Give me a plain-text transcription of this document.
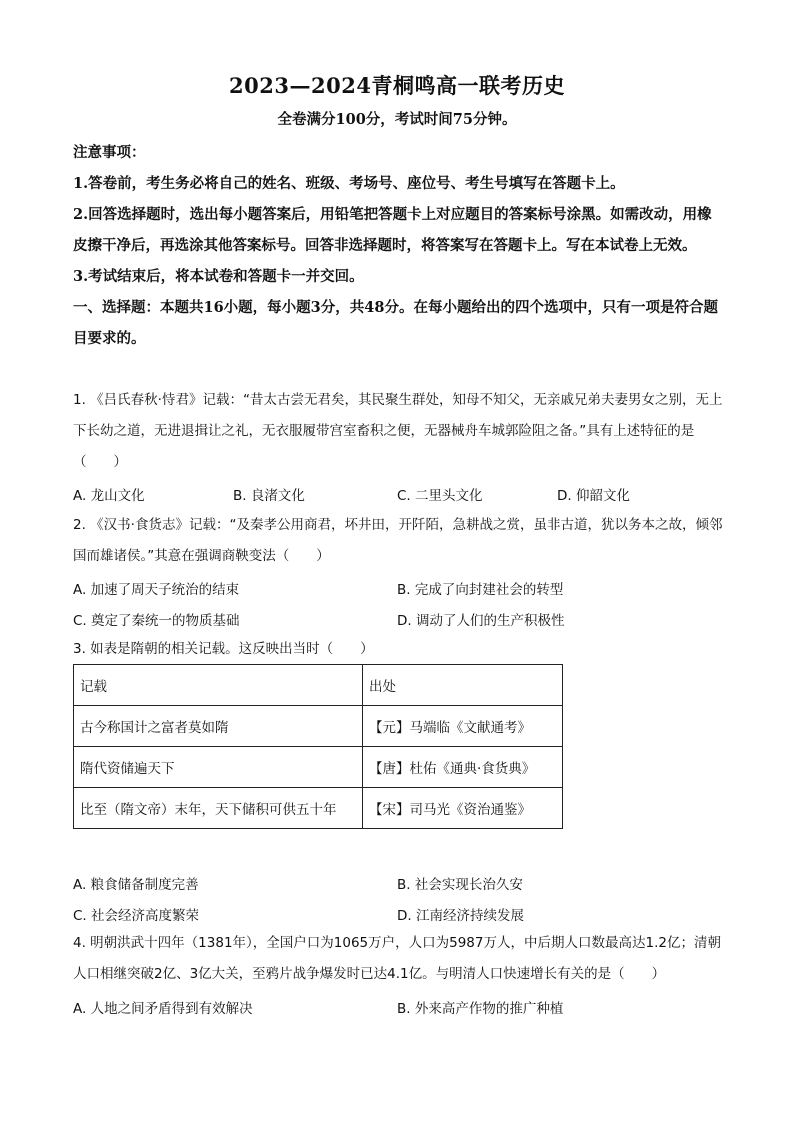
2023—2024青桐鸣高一联考历史
全卷满分100分，考试时间75分钟。

注意事项：

1.答卷前，考生务必将自己的姓名、班级、考场号、座位号、考生号填写在答题卡上。

2.回答选择题时，选出每小题答案后，用铅笔把答题卡上对应题目的答案标号涂黑。如需改动，用橡皮擦干净后，再选涂其他答案标号。回答非选择题时，将答案写在答题卡上。写在本试卷上无效。

3.考试结束后，将本试卷和答题卡一并交回。

一、选择题：本题共16小题，每小题3分，共48分。在每小题给出的四个选项中，只有一项是符合题目要求的。

1. 《吕氏春秋·恃君》记载：“昔太古尝无君矣，其民聚生群处，知母不知父，无亲戚兄弟夫妻男女之别，无上下长幼之道，无进退揖让之礼，无衣服履带宫室畜积之便，无器械舟车城郭险阻之备。”具有上述特征的是（　　）

A. 龙山文化	B. 良渚文化	C. 二里头文化	D. 仰韶文化

2. 《汉书·食货志》记载：“及秦孝公用商君，坏井田，开阡陌，急耕战之赏，虽非古道，犹以务本之故，倾邻国而雄诸侯。”其意在强调商鞅变法（　　）

A. 加速了周天子统治的结束	B. 完成了向封建社会的转型
C. 奠定了秦统一的物质基础	D. 调动了人们的生产积极性

3. 如表是隋朝的相关记载。这反映出当时（　　）

记载	出处
古今称国计之富者莫如隋	【元】马端临《文献通考》
隋代资储遍天下	【唐】杜佑《通典·食货典》
比至（隋文帝）末年，天下储积可供五十年	【宋】司马光《资治通鉴》
A. 粮食储备制度完善	B. 社会实现长治久安
C. 社会经济高度繁荣	D. 江南经济持续发展

4. 明朝洪武十四年（1381年），全国户口为1065万户，人口为5987万人，中后期人口数最高达1.2亿；清朝人口相继突破2亿、3亿大关，至鸦片战争爆发时已达4.1亿。与明清人口快速增长有关的是（　　）

A. 人地之间矛盾得到有效解决	B. 外来高产作物的推广种植
